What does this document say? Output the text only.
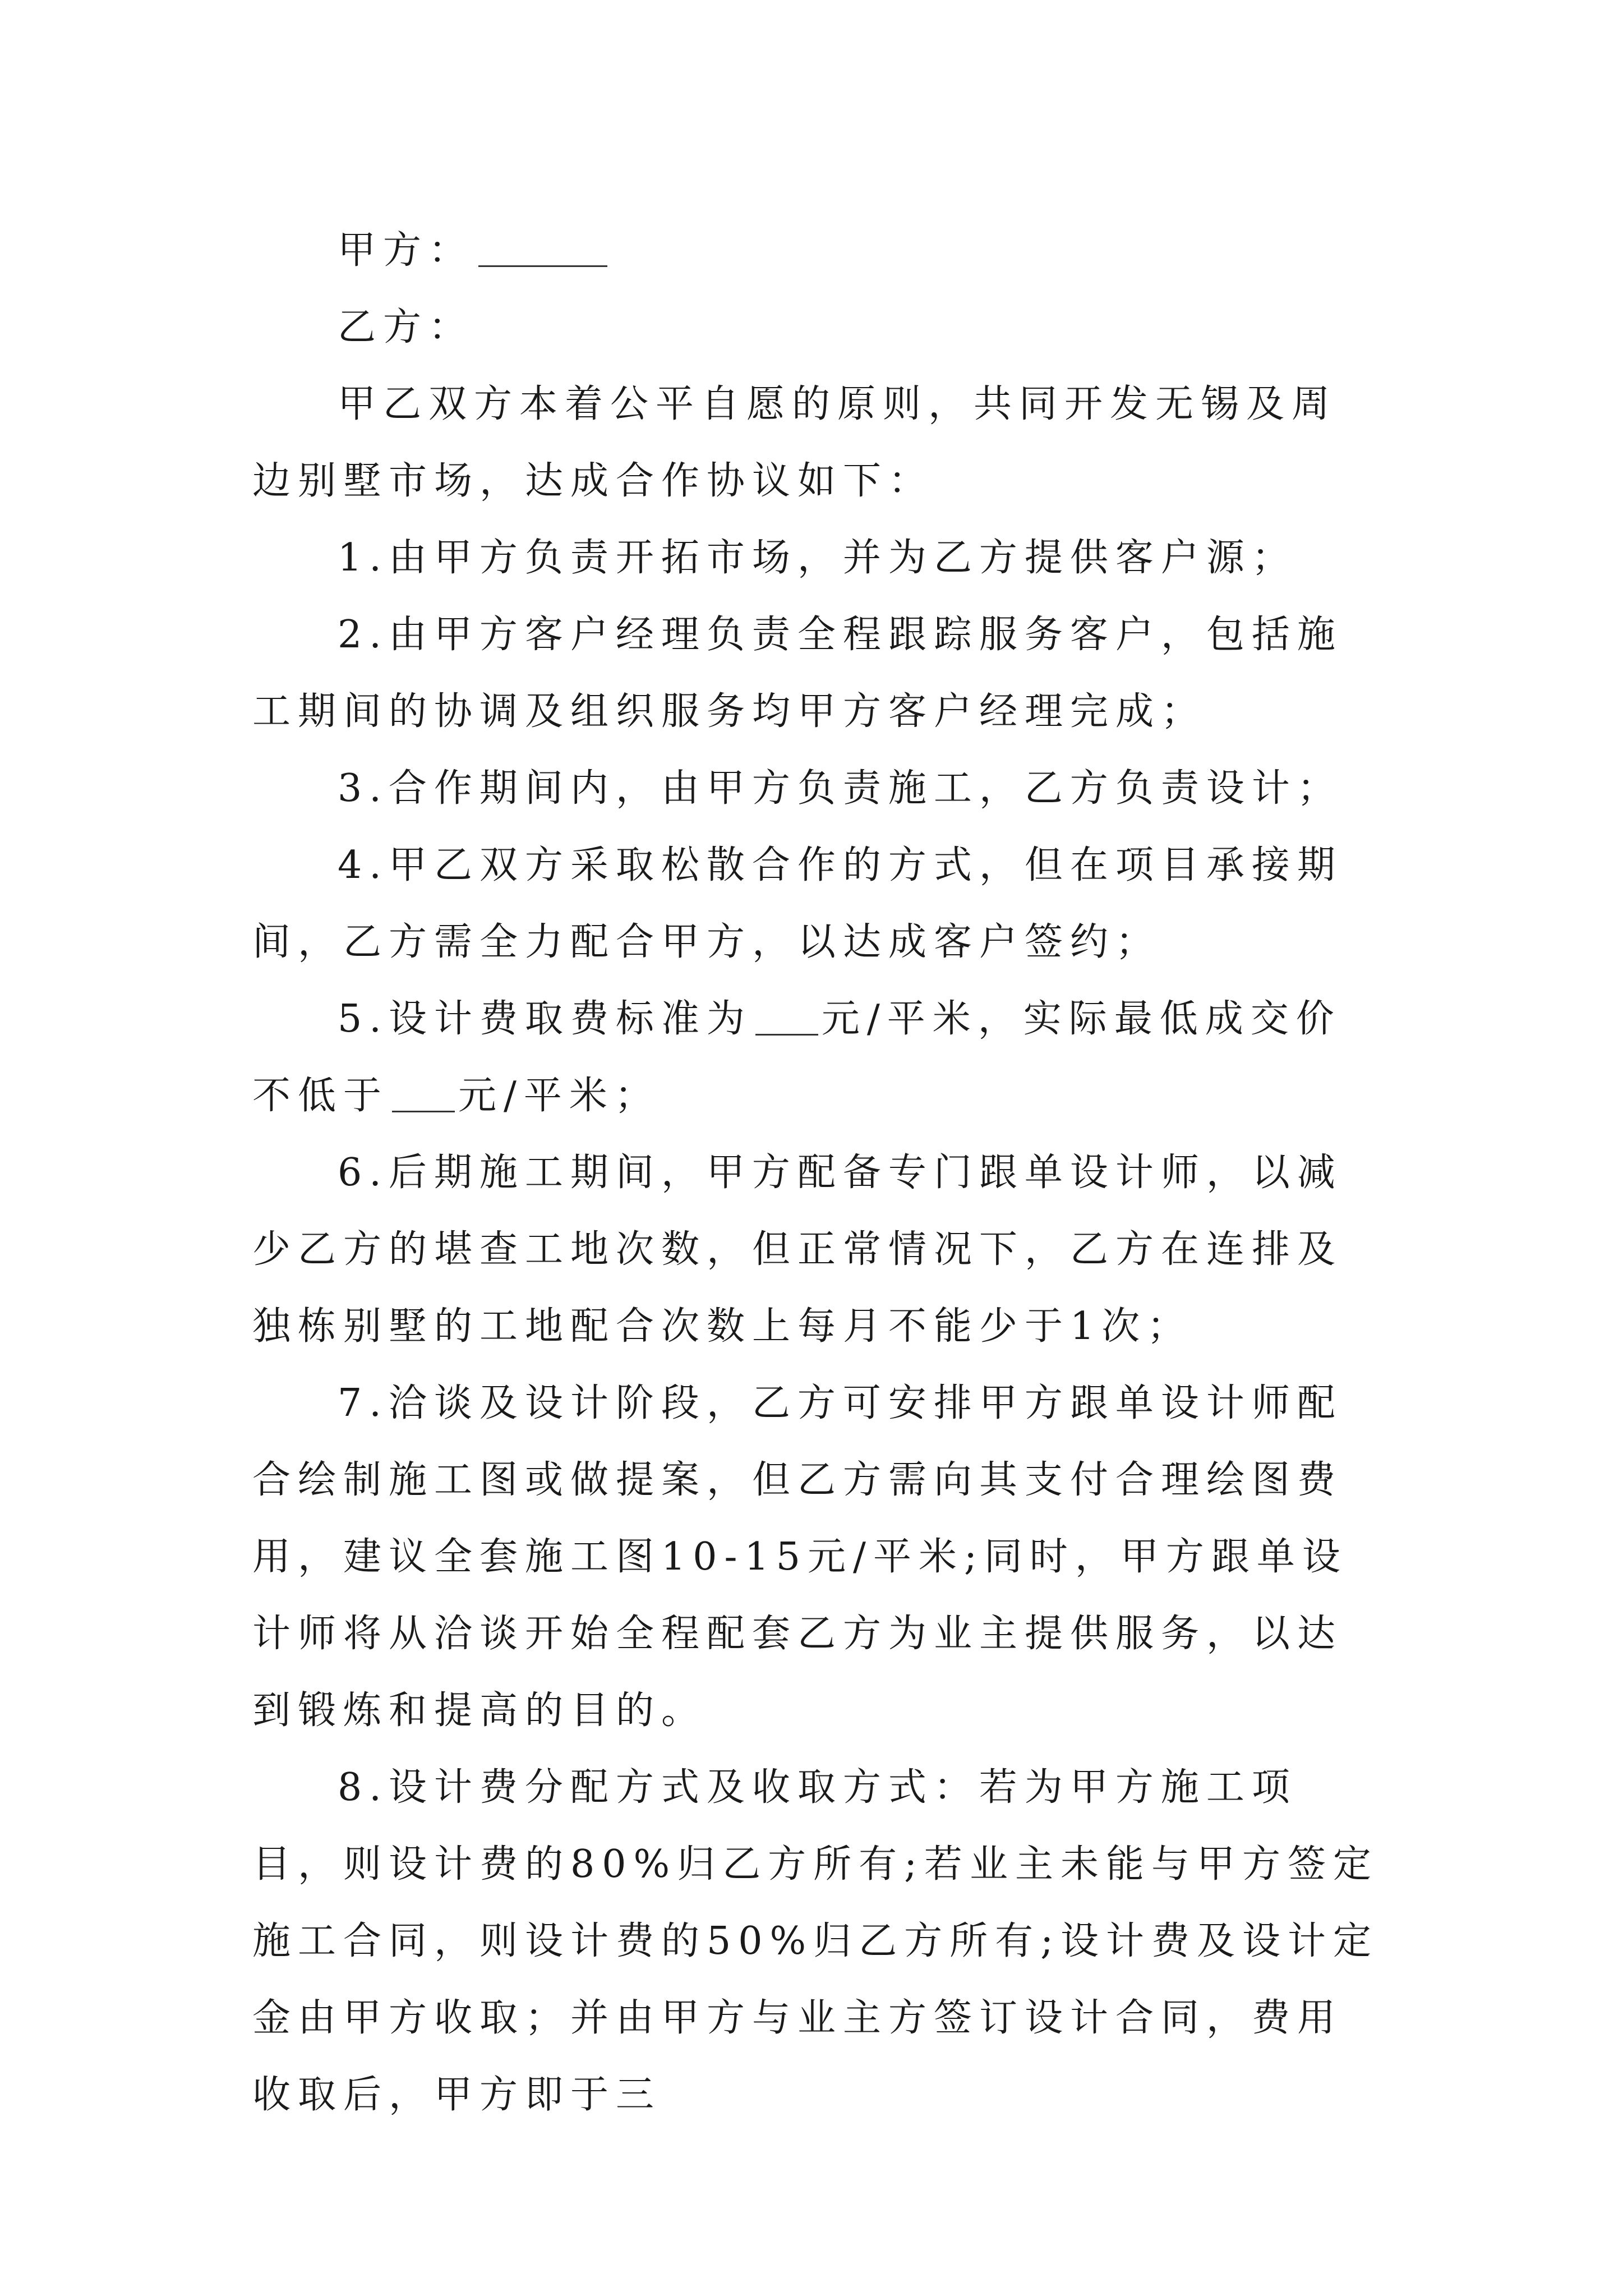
甲方：

乙方：

甲乙双方本着公平自愿的原则，共同开发无锡及周边别墅市场，达成合作协议如下：

1.由甲方负责开拓市场，并为乙方提供客户源；

2.由甲方客户经理负责全程跟踪服务客户，包括施工期间的协调及组织服务均甲方客户经理完成；

3.合作期间内，由甲方负责施工，乙方负责设计；

4.甲乙双方采取松散合作的方式，但在项目承接期间，乙方需全力配合甲方，以达成客户签约；

5.设计费取费标准为 元/平米，实际最低成交价不低于 元/平米；

6.后期施工期间，甲方配备专门跟单设计师，以减少乙方的堪查工地次数，但正常情况下，乙方在连排及独栋别墅的工地配合次数上每月不能少于1次；

7.洽谈及设计阶段，乙方可安排甲方跟单设计师配合绘制施工图或做提案，但乙方需向其支付合理绘图费用，建议全套施工图10-15元/平米;同时，甲方跟单设计师将从洽谈开始全程配套乙方为业主提供服务，以达到锻炼和提高的目的。

8.设计费分配方式及收取方式：若为甲方施工项目，则设计费的80%归乙方所有;若业主未能与甲方签定施工合同，则设计费的50%归乙方所有;设计费及设计定金由甲方收取；并由甲方与业主方签订设计合同，费用收取后，甲方即于三
